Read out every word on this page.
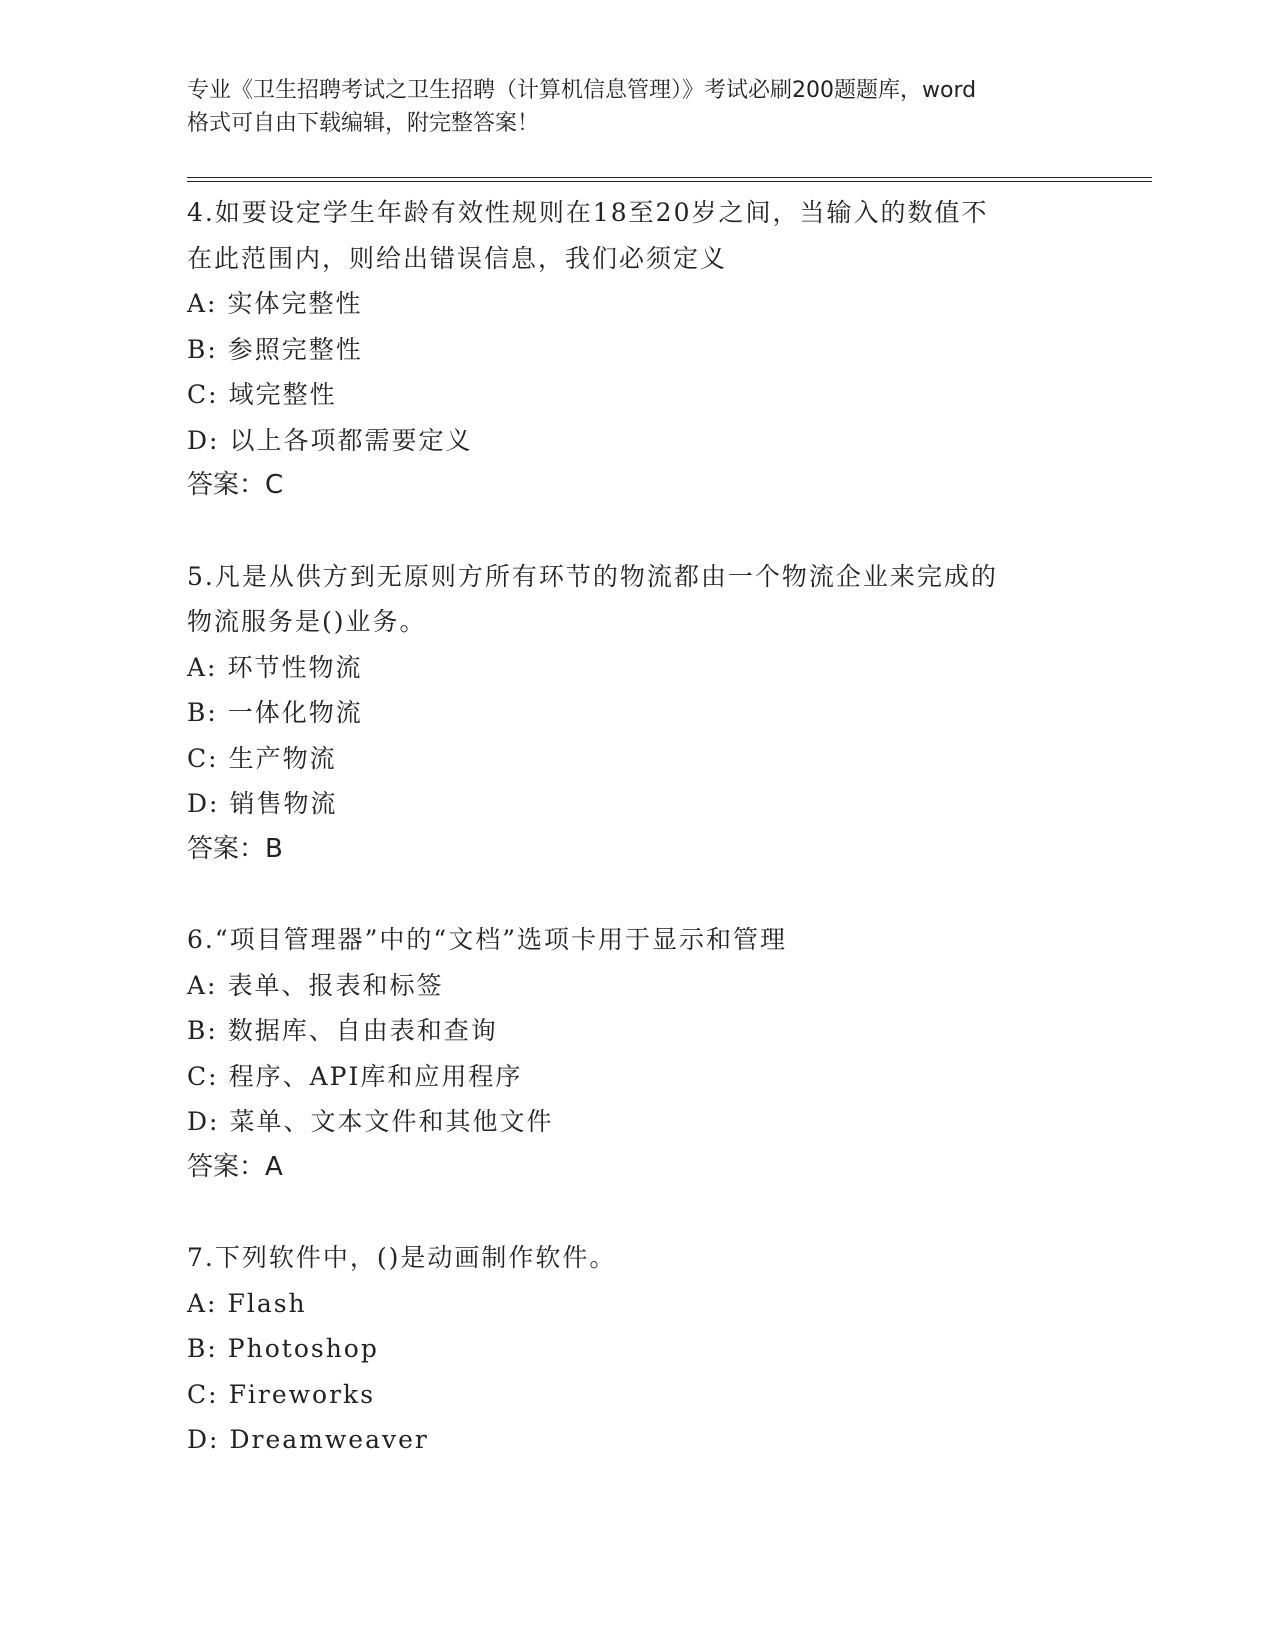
专业《卫生招聘考试之卫生招聘（计算机信息管理）》考试必刷200题题库，word
格式可自由下载编辑，附完整答案！
4.如要设定学生年龄有效性规则在18至20岁之间，当输入的数值不
在此范围内，则给出错误信息，我们必须定义
A: 实体完整性
B: 参照完整性
C: 域完整性
D: 以上各项都需要定义
答案：C
5.凡是从供方到无原则方所有环节的物流都由一个物流企业来完成的
物流服务是()业务。
A: 环节性物流
B: 一体化物流
C: 生产物流
D: 销售物流
答案：B
6.“项目管理器”中的“文档”选项卡用于显示和管理
A: 表单、报表和标签
B: 数据库、自由表和查询
C: 程序、API库和应用程序
D: 菜单、文本文件和其他文件
答案：A
7.下列软件中，()是动画制作软件。
A: Flash
B: Photoshop
C: Fireworks
D: Dreamweaver
